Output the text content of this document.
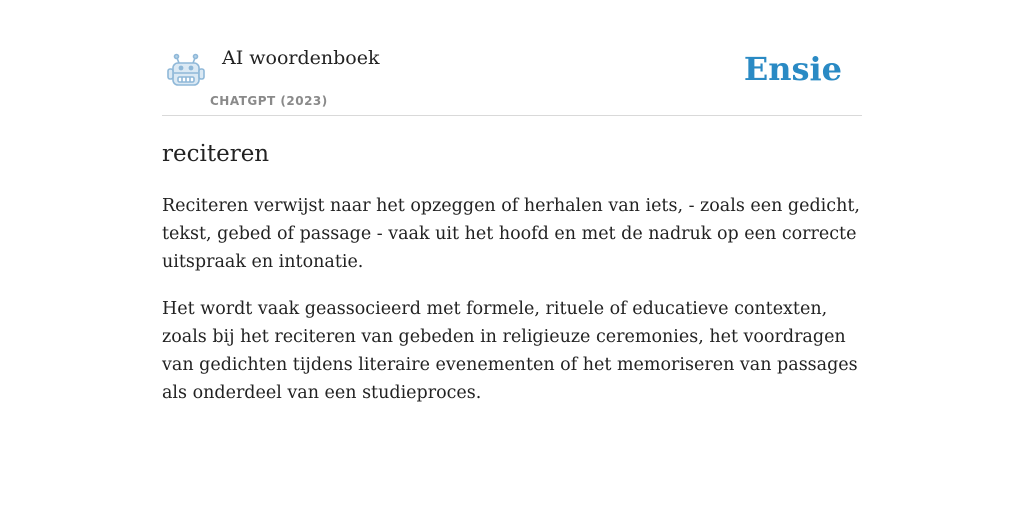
AI woordenboek

CHATGPT (2023)

Ensie
reciteren

Reciteren verwijst naar het opzeggen of herhalen van iets, - zoals een gedicht, tekst, gebed of passage - vaak uit het hoofd en met de nadruk op een correcte uitspraak en intonatie.

Het wordt vaak geassocieerd met formele, rituele of educatieve contexten, zoals bij het reciteren van gebeden in religieuze ceremonies, het voordragen van gedichten tijdens literaire evenementen of het memoriseren van passages als onderdeel van een studieproces.
